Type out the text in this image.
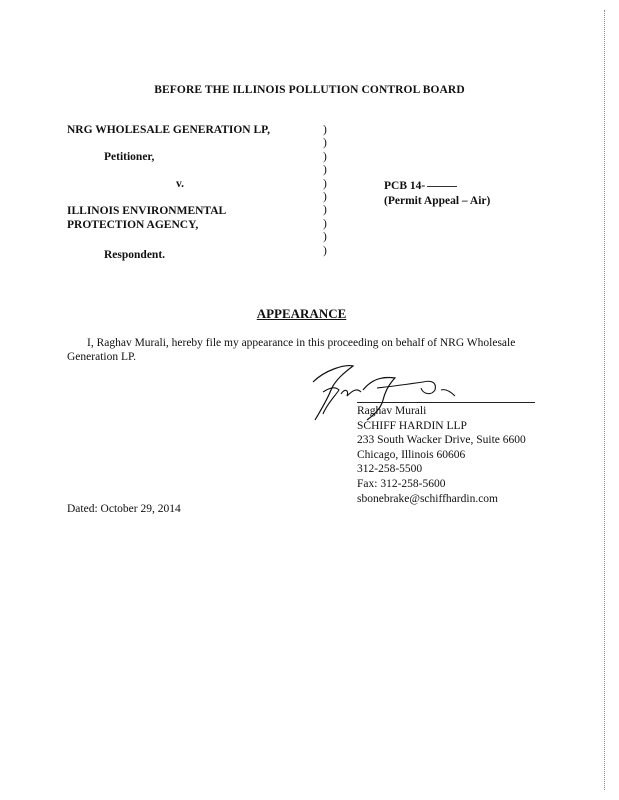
BEFORE THE ILLINOIS POLLUTION CONTROL BOARD
NRG WHOLESALE GENERATION LP,
Petitioner,
v.
ILLINOIS ENVIRONMENTAL
PROTECTION AGENCY,
Respondent.
)
)
)
)
)
)
)
)
)
)
PCB 14-
(Permit Appeal – Air)
APPEARANCE
I, Raghav Murali, hereby file my appearance in this proceeding on behalf of NRG Wholesale Generation LP.
Raghav Murali
SCHIFF HARDIN LLP
233 South Wacker Drive, Suite 6600
Chicago, Illinois 60606
312-258-5500
Fax: 312-258-5600
sbonebrake@schiffhardin.com
Dated: October 29, 2014
